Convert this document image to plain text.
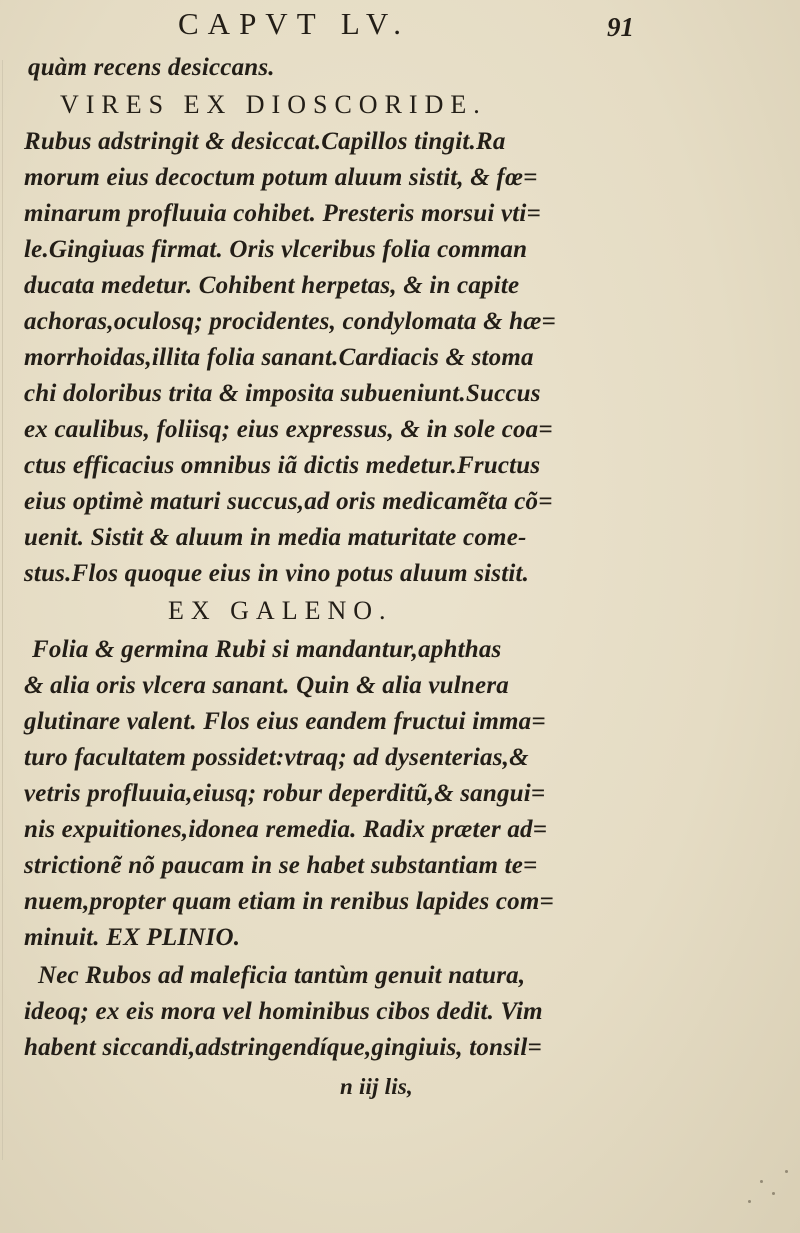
CAPVT LV.	91
quàm recens desiccans.
VIRES EX DIOSCORIDE.
Rubus adstringit & desiccat.Capillos tingit.Ra
morum eius decoctum potum aluum sistit, & fœ=
minarum profluuia cohibet. Presteris morsui vti=
le.Gingiuas firmat. Oris vlceribus folia comman
ducata medetur. Cohibent herpetas, & in capite
achoras,oculosq; procidentes, condylomata & hæ=
morrhoidas,illita folia sanant.Cardiacis & stoma
chi doloribus trita & imposita subueniunt.Succus
ex caulibus, foliisq; eius expressus, & in sole coa=
ctus efficacius omnibus iã dictis medetur.Fructus
eius optimè maturi succus,ad oris medicamẽta cõ=
uenit. Sistit & aluum in media maturitate come-
stus.Flos quoque eius in vino potus aluum sistit.
EX GALENO.
Folia & germina Rubi si mandantur,aphthas
& alia oris vlcera sanant. Quin & alia vulnera
glutinare valent. Flos eius eandem fructui imma=
turo facultatem possidet:vtraq; ad dysenterias,&
vetris profluuia,eiusq; robur deperditũ,& sangui=
nis expuitiones,idonea remedia. Radix præter ad=
strictionẽ nõ paucam in se habet substantiam te=
nuem,propter quam etiam in renibus lapides com=
minuit. EX PLINIO.
Nec Rubos ad maleficia tantùm genuit natura,
ideoq; ex eis mora vel hominibus cibos dedit. Vim
habent siccandi,adstringendíque,gingiuis, tonsil=
n iij lis,
